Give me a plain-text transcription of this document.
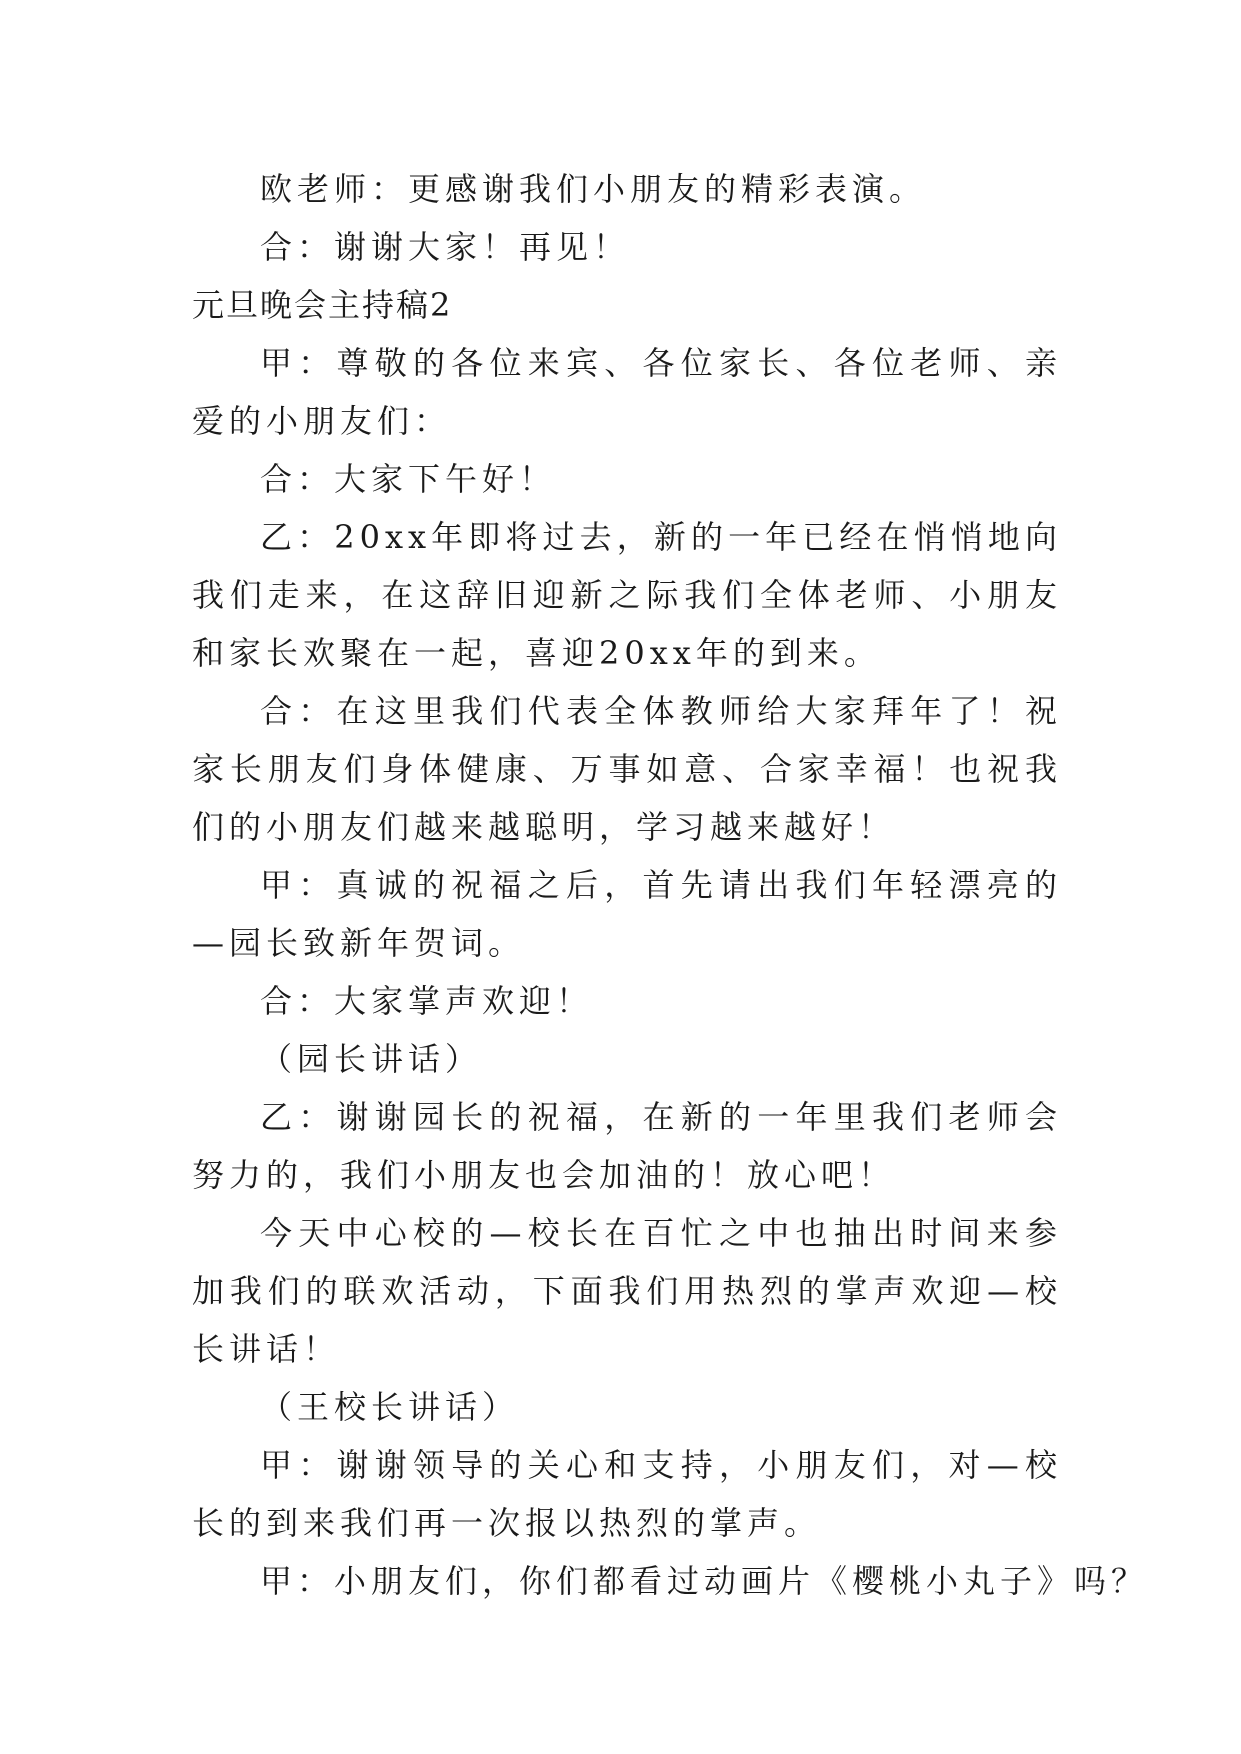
欧老师：更感谢我们小朋友的精彩表演。

合：谢谢大家！再见！

元旦晚会主持稿2

甲：尊敬的各位来宾、各位家长、各位老师、亲爱的小朋友们：

合：大家下午好！

乙：20xx年即将过去，新的一年已经在悄悄地向我们走来，在这辞旧迎新之际我们全体老师、小朋友和家长欢聚在一起，喜迎20xx年的到来。

合：在这里我们代表全体教师给大家拜年了！祝家长朋友们身体健康、万事如意、合家幸福！也祝我们的小朋友们越来越聪明，学习越来越好！

甲：真诚的祝福之后，首先请出我们年轻漂亮的—园长致新年贺词。

合：大家掌声欢迎！

（园长讲话）

乙：谢谢园长的祝福，在新的一年里我们老师会努力的，我们小朋友也会加油的！放心吧！

今天中心校的—校长在百忙之中也抽出时间来参加我们的联欢活动，下面我们用热烈的掌声欢迎—校长讲话！

（王校长讲话）

甲：谢谢领导的关心和支持，小朋友们，对—校长的到来我们再一次报以热烈的掌声。

甲：小朋友们，你们都看过动画片《樱桃小丸子》吗？
